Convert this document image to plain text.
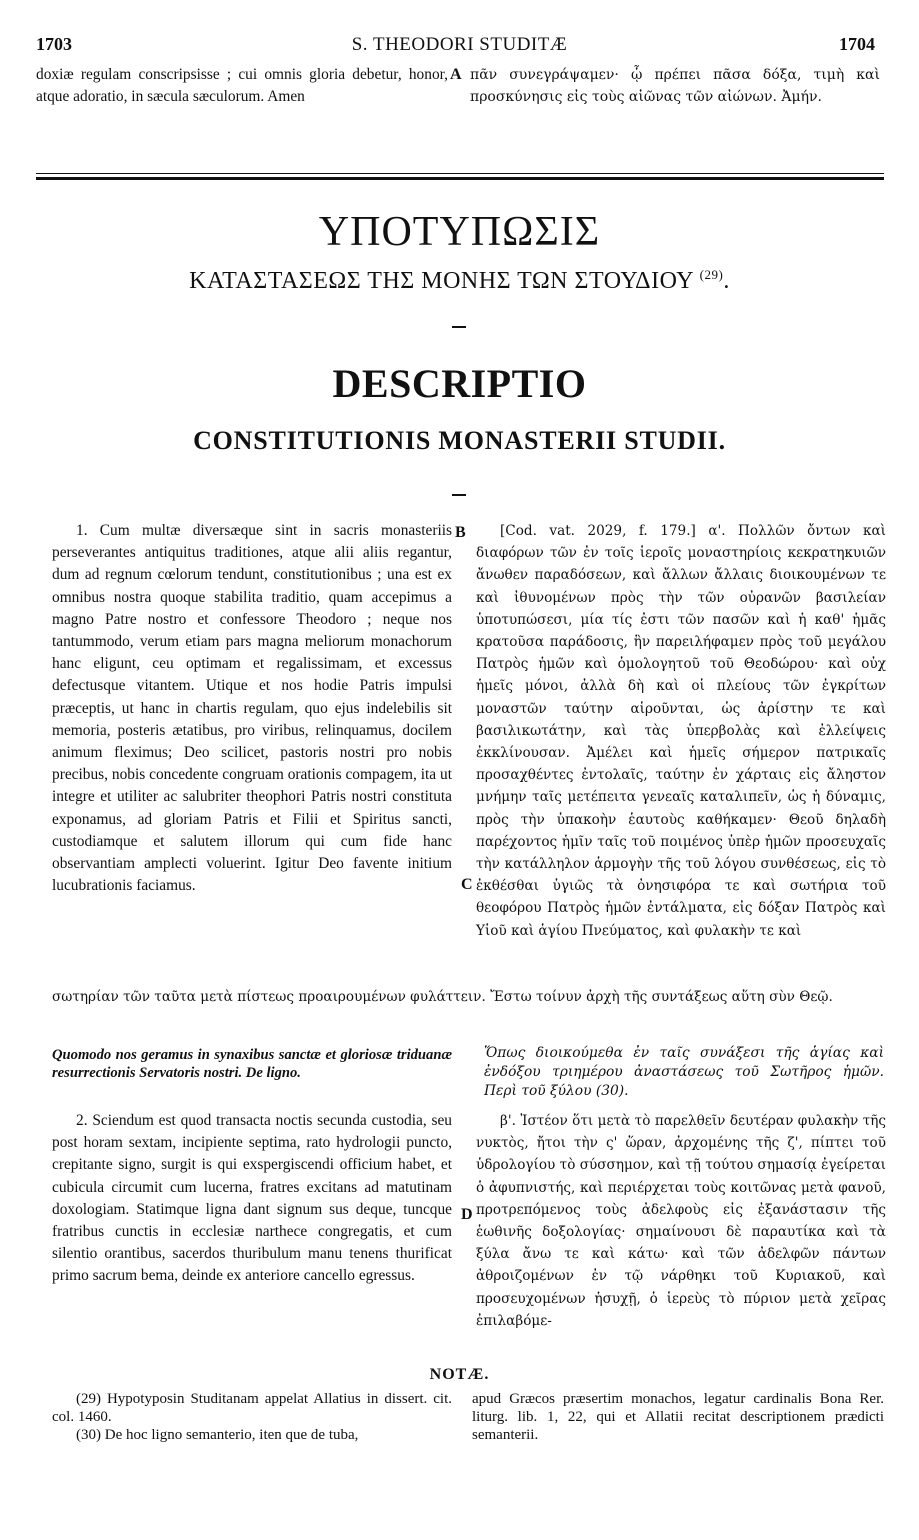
1703	S. THEODORI STUDITÆ	1704

doxiæ regulam conscripsisse ; cui omnis gloria debetur, honor, atque adoratio, in sæcula sæculorum. Amen

A πᾶν συνεγράψαμεν· ᾧ πρέπει πᾶσα δόξα, τιμὴ καὶ προσκύνησις εἰς τοὺς αἰῶνας τῶν αἰώνων. Ἀμήν.

ΥΠΟΤΥΠΩΣΙΣ
ΚΑΤΑΣΤΑΣΕΩΣ ΤΗΣ ΜΟΝΗΣ ΤΩΝ ΣΤΟΥΔΙΟΥ $^{(29)}$.
DESCRIPTIO
CONSTITUTIONIS MONASTERII STUDII.

1. Cum multæ diversæque sint in sacris monasteriis perseverantes antiquitus traditiones, atque alii aliis regantur, dum ad regnum cœlorum tendunt, constitutionibus ; una est ex omnibus nostra quoque stabilita traditio, quam accepimus a magno Patre nostro et confessore Theodoro ; neque nos tantummodo, verum etiam pars magna meliorum monachorum hanc eligunt, ceu optimam et regalissimam, et excessus defectusque vitantem. Utique et nos hodie Patris impulsi præceptis, ut hanc in chartis regulam, quo ejus indelebilis sit memoria, posteris ætatibus, pro viribus, relinquamus, docilem animum fleximus; Deo scilicet, pastoris nostri pro nobis precibus, nobis concedente congruam orationis compagem, ita ut integre et utiliter ac salubriter theophori Patris nostri constituta exponamus, ad gloriam Patris et Filii et Spiritus sancti, custodiamque et salutem illorum qui cum fide hanc observantiam amplecti voluerint. Igitur Deo favente initium lucubrationis faciamus.

B	[Cod. vat. 2029, f. 179.] α'. Πολλῶν ὄντων καὶ διαφόρων τῶν ἐν τοῖς ἱεροῖς μοναστηρίοις κεκρατηκυιῶν ἄνωθεν παραδόσεων, καὶ ἄλλων ἄλλαις διοικουμένων τε καὶ ἰθυνομένων πρὸς τὴν τῶν οὐρανῶν βασιλείαν ὑποτυπώσεσι, μία τίς ἐστι τῶν πασῶν καὶ ἡ καθ' ἡμᾶς κρατοῦσα παράδοσις, ἣν παρειλήφαμεν πρὸς τοῦ μεγάλου Πατρὸς ἡμῶν καὶ ὁμολογητοῦ τοῦ Θεοδώρου· καὶ οὐχ ἡμεῖς μόνοι, ἀλλὰ δὴ καὶ οἱ πλείους τῶν ἐγκρίτων μοναστῶν ταύτην αἱροῦνται, ὡς ἀρίστην τε καὶ βασιλικωτάτην, καὶ τὰς ὑπερβολὰς καὶ ἐλλείψεις ἐκκλίνουσαν. Ἀμέλει καὶ ἡμεῖς σήμερον πατρικαῖς προσαχθέντες ἐντολαῖς, ταύτην ἐν χάρταις εἰς ἄληστον μνήμην ταῖς μετέπειτα γενεαῖς καταλιπεῖν, ὡς ἡ δύναμις, πρὸς τὴν ὑπακοὴν ἑαυτοὺς καθήκαμεν· Θεοῦ δηλαδὴ παρέχοντος ἡμῖν ταῖς τοῦ ποιμένος ὑπὲρ ἡμῶν προσευχαῖς τὴν κατάλληλον ἁρμογὴν τῆς τοῦ λόγου συνθέσεως, εἰς τὸ ἐκθέσθαι ὑγιῶς τὰ ὀνησιφόρα τε καὶ σωτήρια τοῦ θεοφόρου Πατρὸς ἡμῶν ἐντάλματα, εἰς δόξαν Πατρὸς καὶ Υἱοῦ καὶ ἁγίου Πνεύματος, καὶ φυλακὴν τε καὶ

C

σωτηρίαν τῶν ταῦτα μετὰ πίστεως προαιρουμένων φυλάττειν. Ἔστω τοίνυν ἀρχὴ τῆς συντάξεως αὕτη σὺν Θεῷ.

Quomodo nos geramus in synaxibus sanctæ et gloriosæ triduanæ resurrectionis Servatoris nostri. De ligno.

Ὅπως διοικούμεθα ἐν ταῖς συνάξεσι τῆς ἁγίας καὶ ἐνδόξου τριημέρου ἀναστάσεως τοῦ Σωτῆρος ἡμῶν. Περὶ τοῦ ξύλου (30).

2. Sciendum est quod transacta noctis secunda custodia, seu post horam sextam, incipiente septima, rato hydrologii puncto, crepitante signo, surgit is qui exspergiscendi officium habet, et cubicula circumit cum lucerna, fratres excitans ad matutinam doxologiam. Statimque ligna dant signum sus deque, tuncque fratribus cunctis in ecclesiæ narthece congregatis, et cum silentio orantibus, sacerdos thuribulum manu tenens thurificat primo sacrum bema, deinde ex anteriore cancello egressus.

D

β'. Ἰστέον ὅτι μετὰ τὸ παρελθεῖν δευτέραν φυλακὴν τῆς νυκτὸς, ἤτοι τὴν ς' ὥραν, ἀρχομένης τῆς ζ', πίπτει τοῦ ὑδρολογίου τὸ σύσσημον, καὶ τῇ τούτου σημασίᾳ ἐγείρεται ὁ ἀφυπνιστής, καὶ περιέρχεται τοὺς κοιτῶνας μετὰ φανοῦ, προτρεπόμενος τοὺς ἀδελφοὺς εἰς ἐξανάστασιν τῆς ἑωθινῆς δοξολογίας· σημαίνουσι δὲ παραυτίκα καὶ τὰ ξύλα ἄνω τε καὶ κάτω· καὶ τῶν ἀδελφῶν πάντων ἀθροιζομένων ἐν τῷ νάρθηκι τοῦ Κυριακοῦ, καὶ προσευχομένων ἡσυχῇ, ὁ ἱερεὺς τὸ πύριον μετὰ χεῖρας ἐπιλαβόμε-

NOTÆ.

(29) Hypotyposin Studitanam appelat Allatius in dissert. cit. col. 1460.

(30) De hoc ligno semanterio, iten que de tuba,

apud Græcos præsertim monachos, legatur cardinalis Bona Rer. liturg. lib. 1, 22, qui et Allatii recitat descriptionem prædicti semanterii.
